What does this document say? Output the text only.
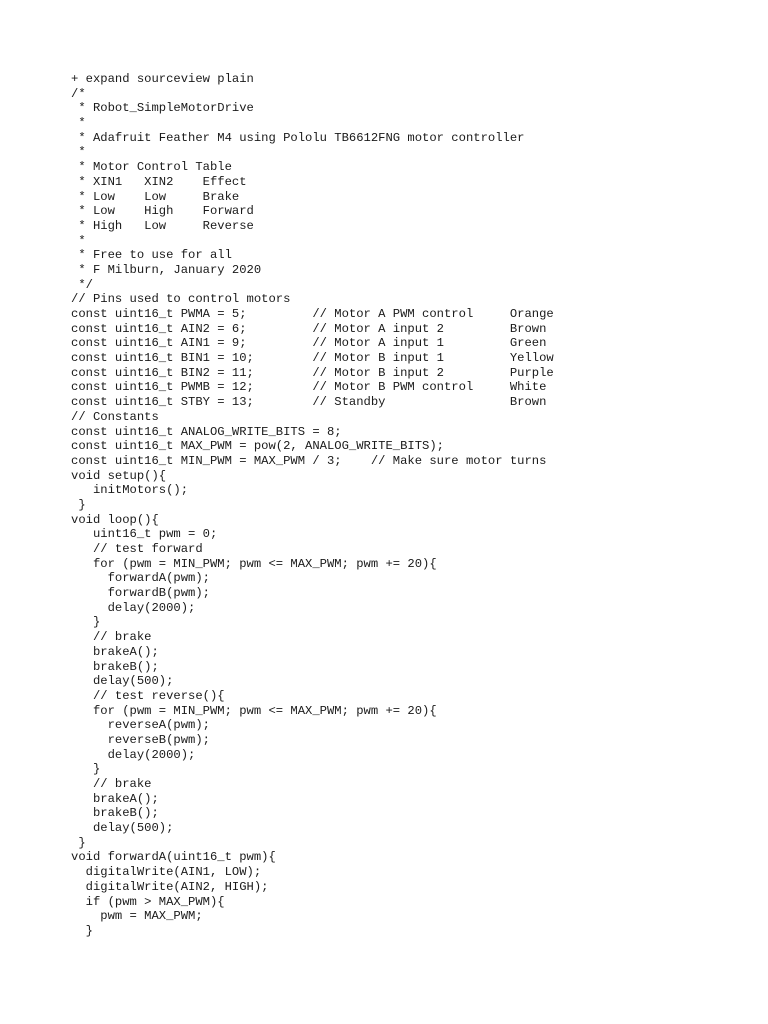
+ expand sourceview plain
/*
* Robot_SimpleMotorDrive
*
* Adafruit Feather M4 using Pololu TB6612FNG motor controller
*
* Motor Control Table
* XIN1   XIN2    Effect
* Low    Low     Brake
* Low    High    Forward
* High   Low     Reverse
*
* Free to use for all
* F Milburn, January 2020
*/
// Pins used to control motors
const uint16_t PWMA = 5;         // Motor A PWM control     Orange
const uint16_t AIN2 = 6;         // Motor A input 2         Brown
const uint16_t AIN1 = 9;         // Motor A input 1         Green
const uint16_t BIN1 = 10;        // Motor B input 1         Yellow
const uint16_t BIN2 = 11;        // Motor B input 2         Purple
const uint16_t PWMB = 12;        // Motor B PWM control     White
const uint16_t STBY = 13;        // Standby                 Brown
// Constants
const uint16_t ANALOG_WRITE_BITS = 8;
const uint16_t MAX_PWM = pow(2, ANALOG_WRITE_BITS);
const uint16_t MIN_PWM = MAX_PWM / 3;    // Make sure motor turns
void setup(){
initMotors();
}
void loop(){
uint16_t pwm = 0;
// test forward
for (pwm = MIN_PWM; pwm <= MAX_PWM; pwm += 20){
forwardA(pwm);
forwardB(pwm);
delay(2000);
}
// brake
brakeA();
brakeB();
delay(500);
// test reverse(){
for (pwm = MIN_PWM; pwm <= MAX_PWM; pwm += 20){
reverseA(pwm);
reverseB(pwm);
delay(2000);
}
// brake
brakeA();
brakeB();
delay(500);
}
void forwardA(uint16_t pwm){
digitalWrite(AIN1, LOW);
digitalWrite(AIN2, HIGH);
if (pwm > MAX_PWM){
pwm = MAX_PWM;
}
